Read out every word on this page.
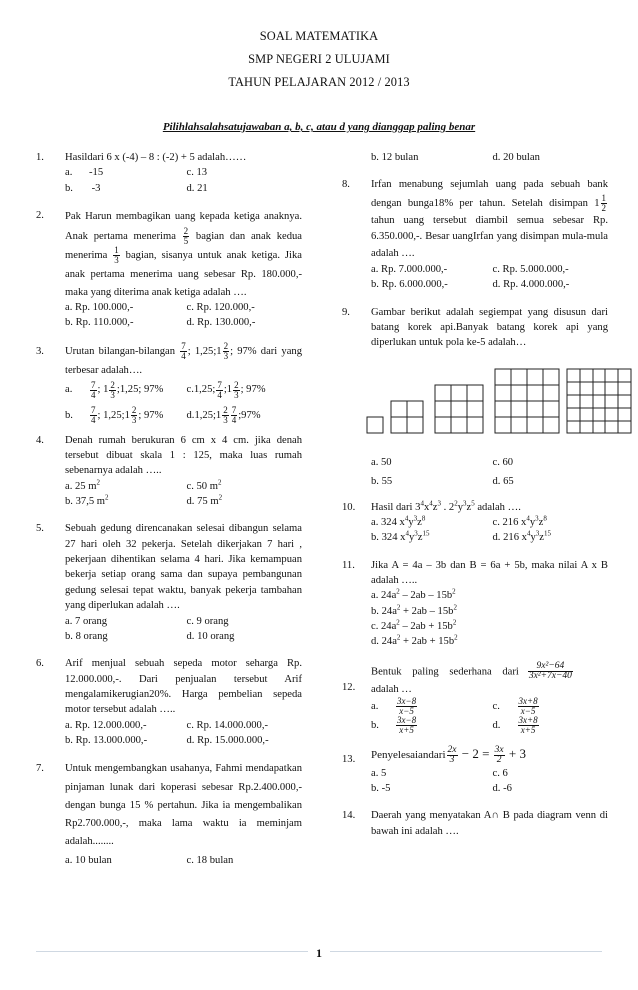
SOAL MATEMATIKA
SMP NEGERI 2 ULUJAMI
TAHUN PELAJARAN 2012 / 2013
Pilihlahsalahsatujawaban a, b, c, atau d yang dianggap paling benar
1. Hasildari 6 x (-4) – 8 : (-2) + 5 adalah……
a. -15	c. 13
b. -3	d. 21
2. Pak Harun membagikan uang kepada ketiga anaknya. Anak pertama menerima $\frac{2}{5}$ bagian dan anak kedua menerima $\frac{1}{3}$ bagian, sisanya untuk anak ketiga. Jika anak pertama menerima uang sebesar Rp. 180.000,- maka yang diterima anak ketiga adalah ….
a. Rp. 100.000,-	c. Rp. 120.000,-
b. Rp. 110.000,-	d. Rp. 130.000,-
3. Urutan bilangan-bilangan $\frac{7}{4}$ ; 1,25;1 $\frac{2}{3}$ ; 97% dari yang terbesar adalah….
a. $\frac{7}{4}$ ; $1 \frac{2}{3}$ ;1,25; 97%	c.1,25; $\frac{7}{4}$ ;1 $\frac{2}{3}$ ; 97%
b. $\frac{7}{4}$ ; 1,25;1 $\frac{2}{3}$ ; 97%	d.1,25;1 $\frac{2}{3} \frac{7}{4}$ ;97%
4. Denah rumah berukuran 6 cm x 4 cm. jika denah tersebut dibuat skala 1 : 125, maka luas rumah sebenarnya adalah …..
a. 25 $m^2$	c. 50 $m^2$
b. 37,5 $m^2$	d. 75 $m^2$
5. Sebuah gedung direncanakan selesai dibangun selama 27 hari oleh 32 pekerja. Setelah dikerjakan 7 hari , pekerjaan dihentikan selama 4 hari. Jika kemampuan bekerja setiap orang sama dan supaya pembangunan gedung selesai tepat waktu, banyak pekerja tambahan yang diperlukan adalah ….
a. 7 orang	c. 9 orang
b. 8 orang	d. 10 orang
6. Arif menjual sebuah sepeda motor seharga Rp. 12.000.000,-. Dari penjualan tersebut Arif mengalamikerugian20%. Harga pembelian sepeda motor tersebut adalah …..
a. Rp. 12.000.000,-	c. Rp. 14.000.000,-
b. Rp. 13.000.000,-	d. Rp. 15.000.000,-
7. Untuk mengembangkan usahanya, Fahmi mendapatkan pinjaman lunak dari koperasi sebesar Rp.2.400.000,- dengan bunga 15 % pertahun. Jika ia mengembalikan Rp2.700.000,-, maka lama waktu ia meminjam adalah........
a. 10 bulan	c. 18 bulan
b. 12 bulan	d. 20 bulan
8. Irfan menabung sejumlah uang pada sebuah bank dengan bunga18% per tahun. Setelah disimpan $1 \frac{1}{2}$
tahun uang tersebut diambil semua sebesar Rp. 6.350.000,-. Besar uangIrfan yang disimpan mula-mula adalah ….
a. Rp. 7.000.000,-	c. Rp. 5.000.000,-
b. Rp. 6.000.000,-	d. Rp. 4.000.000,-
9. Gambar berikut adalah segiempat yang disusun dari batang korek api.Banyak batang korek api yang diperlukan untuk pola ke-5 adalah…
a. 50	c. 60
b. 55	d. 65
10. Hasil dari $3^4x^4z^3$ . $2^2y^3z^5$ adalah ….
a. 324 $x^4y^3z^8$	c. 216 $x^4y^3z^8$
b. 324 $x^4y^3z^{15}$	d. 216 $x^4y^3z^{15}$
11. Jika A = 4a – 3b dan B = 6a + 5b, maka nilai A x B adalah …..
a. $24a^2 - 2ab - 15b^2$
b. $24a^2 + 2ab - 15b^2$
c. $24a^2 - 2ab + 15b^2$
d. $24a^2 + 2ab + 15b^2$
12.
Bentuk paling sederhana dari $\frac{\text{9x²−64}}{\text{3x²+7x−40}}$

adalah …
a. $\frac{3x-8}{x-5}$	c. $\frac{3x+8}{x-5}$
b. $\frac{3x-8}{x+5}$	d. $\frac{3x+8}{x+5}$
13. Penyelesaiandari $\frac{2x}{3} - 2 = \frac{3x}{2} + 3$
a. 5	c. 6
b. -5	d. -6
14. Daerah yang menyatakan A∩ B pada diagram venn di bawah ini adalah ….
1
